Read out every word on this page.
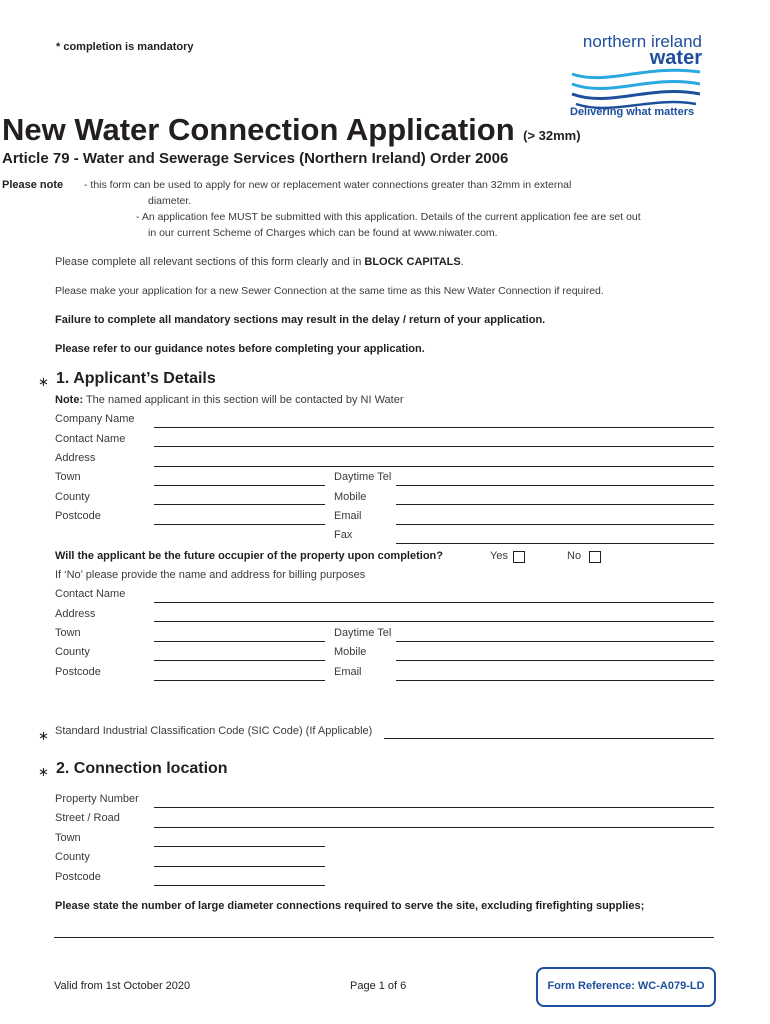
* completion is mandatory	northern ireland
water
Delivering what matters
New Water Connection Application (> 32mm)
Article 79 - Water and Sewerage Services (Northern Ireland) Order 2006
Please note - this form can be used to apply for new or replacement water connections greater than 32mm in external
diameter.
- An application fee MUST be submitted with this application. Details of the current application fee are set out
in our current Scheme of Charges which can be found at www.niwater.com.
Please complete all relevant sections of this form clearly and in BLOCK CAPITALS.
Please make your application for a new Sewer Connection at the same time as this New Water Connection if required.
Failure to complete all mandatory sections may result in the delay / return of your application.
Please refer to our guidance notes before completing your application.
∗ 1. Applicant’s Details
Note: The named applicant in this section will be contacted by NI Water
Company Name
Contact Name
Address
Town	Daytime Tel
County	Mobile
Postcode	Email
Fax
Will the applicant be the future occupier of the property upon completion?	Yes	No
If ‘No’ please provide the name and address for billing purposes
Contact Name
Address
Town	Daytime Tel
County	Mobile
Postcode	Email
∗ Standard Industrial Classification Code (SIC Code) (If Applicable)
∗ 2. Connection location
Property Number
Street / Road
Town
County
Postcode
Please state the number of large diameter connections required to serve the site, excluding firefighting supplies;
Valid from 1st October 2020	Page 1 of 6	Form Reference: WC-A079-LD
